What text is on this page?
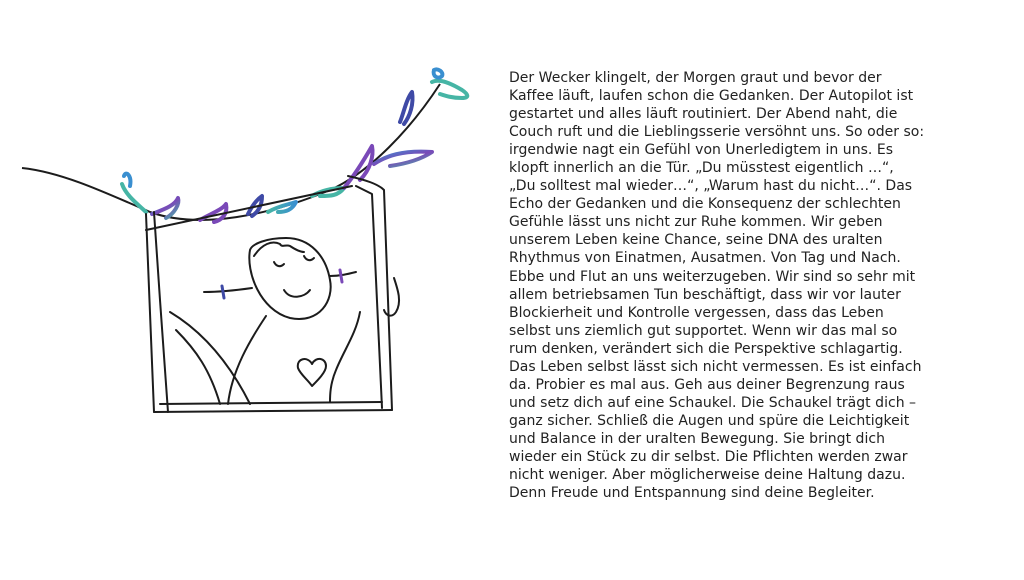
Der Wecker klingelt, der Morgen graut und bevor der
Kaffee läuft, laufen schon die Gedanken. Der Autopilot ist
gestartet und alles läuft routiniert. Der Abend naht, die
Couch ruft und die Lieblingsserie versöhnt uns. So oder so:
irgendwie nagt ein Gefühl von Unerledigtem in uns. Es
klopft innerlich an die Tür. „Du müsstest eigentlich …“,
„Du solltest mal wieder…“, „Warum hast du nicht…“. Das
Echo der Gedanken und die Konsequenz der schlechten
Gefühle lässt uns nicht zur Ruhe kommen. Wir geben
unserem Leben keine Chance, seine DNA des uralten
Rhythmus von Einatmen, Ausatmen. Von Tag und Nach.
Ebbe und Flut an uns weiterzugeben. Wir sind so sehr mit
allem betriebsamen Tun beschäftigt, dass wir vor lauter
Blockierheit und Kontrolle vergessen, dass das Leben
selbst uns ziemlich gut supportet. Wenn wir das mal so
rum denken, verändert sich die Perspektive schlagartig.
Das Leben selbst lässt sich nicht vermessen. Es ist einfach
da. Probier es mal aus. Geh aus deiner Begrenzung raus
und setz dich auf eine Schaukel. Die Schaukel trägt dich –
ganz sicher. Schließ die Augen und spüre die Leichtigkeit
und Balance in der uralten Bewegung. Sie bringt dich
wieder ein Stück zu dir selbst. Die Pflichten werden zwar
nicht weniger. Aber möglicherweise deine Haltung dazu.
Denn Freude und Entspannung sind deine Begleiter.
